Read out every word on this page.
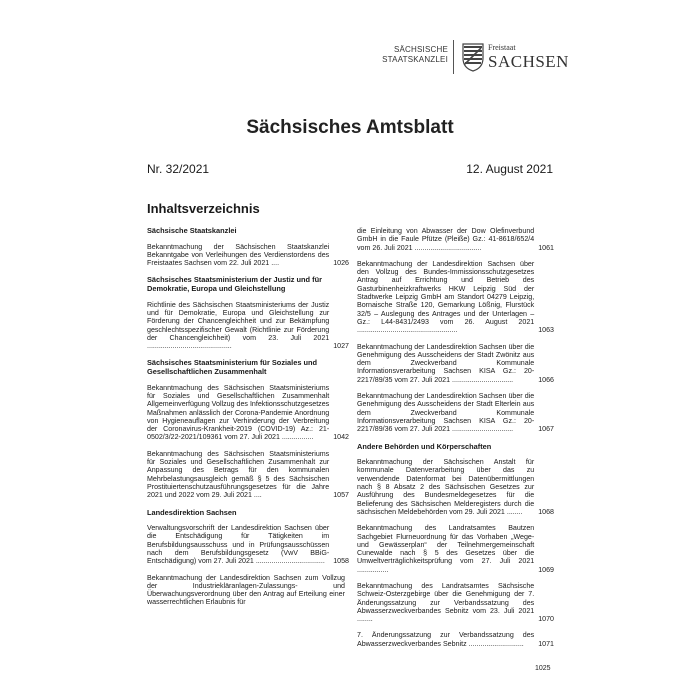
SÄCHSISCHE
STAATSKANZLEI
Freistaat
SACHSEN
Sächsisches Amtsblatt
Nr. 32/2021	12. August 2021
Inhaltsverzeichnis
Sächsische Staatskanzlei
Bekanntmachung der Sächsischen Staatskanzlei Bekanntgabe von Verleihungen des Verdienstordens des Freistaates Sachsen vom 22. Juli 2021 ....	1026
Sächsisches Staatsministerium der Justiz und für Demokratie, Europa und Gleichstellung
Richtlinie des Sächsischen Staatsministeriums der Justiz und für Demokratie, Europa und Gleichstellung zur Förderung der Chancengleichheit und zur Bekämpfung geschlechtsspezifischer Gewalt (Richtlinie zur Förderung der Chancengleichheit) vom 23. Juli 2021 ...........................................	1027
Sächsisches Staatsministerium für Soziales und Gesellschaftlichen Zusammenhalt
Bekanntmachung des Sächsischen Staatsministeriums für Soziales und Gesellschaftlichen Zusammenhalt Allgemeinverfügung Vollzug des Infektionsschutzgesetzes Maßnahmen anlässlich der Corona-Pandemie Anordnung von Hygieneauflagen zur Verhinderung der Verbreitung der Coronavirus-Krankheit-2019 (COVID-19) Az.: 21-0502/3/22-2021/109361 vom 27. Juli 2021 ................	1042
Bekanntmachung des Sächsischen Staatsministeriums für Soziales und Gesellschaftlichen Zusammenhalt zur Anpassung des Betrags für den kommunalen Mehrbelastungsausgleich gemäß § 5 des Sächsischen Prostituiertenschutzausführungsgesetzes für die Jahre 2021 und 2022 vom 29. Juli 2021 ....	1057
Landesdirektion Sachsen
Verwaltungsvorschrift der Landesdirektion Sachsen über die Entschädigung für Tätigkeiten im Berufsbildungsausschuss und in Prüfungsausschüssen nach dem Berufsbildungsgesetz (VwV BBiG-Entschädigung) vom 27. Juli 2021 ...................................	1058
Bekanntmachung der Landesdirektion Sachsen zum Vollzug der Industriekläranlagen-Zulassungs- und Überwachungsverordnung über den Antrag auf Erteilung einer wasserrechtlichen Erlaubnis für
die Einleitung von Abwasser der Dow Olefinverbund GmbH in die Faule Pfütze (Pleiße) Gz.: 41-8618/652/4 vom 26. Juli 2021 ..................................	1061
Bekanntmachung der Landesdirektion Sachsen über den Vollzug des Bundes-Immissionsschutzgesetzes Antrag auf Errichtung und Betrieb des Gasturbinenheizkraftwerks HKW Leipzig Süd der Stadtwerke Leipzig GmbH am Standort 04279 Leipzig, Bornaische Straße 120, Gemarkung Lößnig, Flurstück 32/5 – Auslegung des Antrages und der Unterlagen – Gz.: L44-8431/2493 vom 26. August 2021 ...................................................	1063
Bekanntmachung der Landesdirektion Sachsen über die Genehmigung des Ausscheidens der Stadt Zwönitz aus dem Zweckverband Kommunale Informationsverarbeitung Sachsen KISA Gz.: 20-2217/89/35 vom 27. Juli 2021 ...............................	1066
Bekanntmachung der Landesdirektion Sachsen über die Genehmigung des Ausscheidens der Stadt Elterlein aus dem Zweckverband Kommunale Informationsverarbeitung Sachsen KISA Gz.: 20-2217/89/36 vom 27. Juli 2021 ...............................	1067
Andere Behörden und Körperschaften
Bekanntmachung der Sächsischen Anstalt für kommunale Datenverarbeitung über das zu verwendende Datenformat bei Datenübermittlungen nach § 8 Absatz 2 des Sächsischen Gesetzes zur Ausführung des Bundesmeldegesetzes für die Belieferung des Sächsischen Melderegisters durch die sächsischen Meldebehörden vom 29. Juli 2021 ........	1068
Bekanntmachung des Landratsamtes Bautzen Sachgebiet Flurneuordnung für das Vorhaben „Wege- und Gewässerplan“ der Teilnehmergemeinschaft Cunewalde nach § 5 des Gesetzes über die Umweltverträglichkeitsprüfung vom 27. Juli 2021 ................	1069
Bekanntmachung des Landratsamtes Sächsische Schweiz-Osterzgebirge über die Genehmigung der 7. Änderungssatzung zur Verbandssatzung des Abwasserzweckverbandes Sebnitz vom 23. Juli 2021 ........	1070
7. Änderungssatzung zur Verbandssatzung des Abwasserzweckverbandes Sebnitz ............................	1071
1025
